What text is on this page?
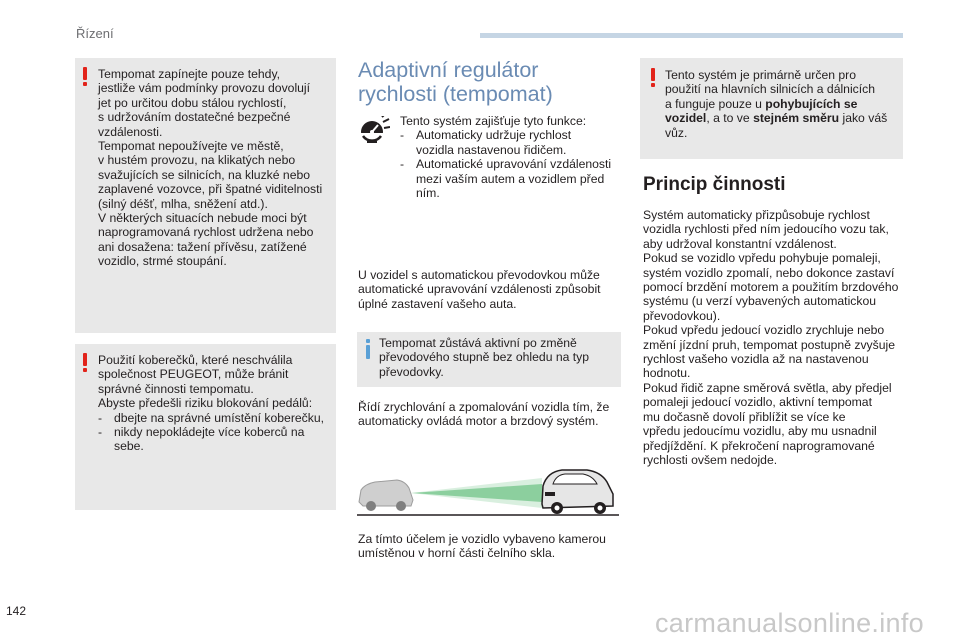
Řízení

Tempomat zapínejte pouze tehdy,
jestliže vám podmínky provozu dovolují
jet po určitou dobu stálou rychlostí,
s udržováním dostatečné bezpečné
vzdálenosti.
Tempomat nepoužívejte ve městě,
v hustém provozu, na klikatých nebo
svažujících se silnicích, na kluzké nebo
zaplavené vozovce, při špatné viditelnosti
(silný déšť, mlha, sněžení atd.).
V některých situacích nebude moci být
naprogramovaná rychlost udržena nebo
ani dosažena: tažení přívěsu, zatížené
vozidlo, strmé stoupání.

Použití koberečků, které neschválila
společnost PEUGEOT, může bránit
správné činnosti tempomatu.
Abyste předešli riziku blokování pedálů:

- dbejte na správné umístění koberečku,
- nikdy nepokládejte více koberců na
sebe.
Adaptivní regulátor
rychlosti (tempomat)

Tento systém zajišťuje tyto funkce:

- Automaticky udržuje rychlost
vozidla nastavenou řidičem.
- Automatické upravování vzdálenosti
mezi vaším autem a vozidlem před
ním.
U vozidel s automatickou převodovkou může
automatické upravování vzdálenosti způsobit
úplné zastavení vašeho auta.
Tempomat zůstává aktivní po změně
převodového stupně bez ohledu na typ
převodovky.
Řídí zrychlování a zpomalování vozidla tím, že
automaticky ovládá motor a brzdový systém.
Za tímto účelem je vozidlo vybaveno kamerou
umístěnou v horní části čelního skla.
Tento systém je primárně určen pro
použití na hlavních silnicích a dálnicích
a funguje pouze u pohybujících se
vozidel, a to ve stejném směru jako váš
vůz.
Princip činnosti
Systém automaticky přizpůsobuje rychlost
vozidla rychlosti před ním jedoucího vozu tak,
aby udržoval konstantní vzdálenost.
Pokud se vozidlo vpředu pohybuje pomaleji,
systém vozidlo zpomalí, nebo dokonce zastaví
pomocí brzdění motorem a použitím brzdového
systému (u verzí vybavených automatickou
převodovkou).
Pokud vpředu jedoucí vozidlo zrychluje nebo
změní jízdní pruh, tempomat postupně zvyšuje
rychlost vašeho vozidla až na nastavenou
hodnotu.
Pokud řidič zapne směrová světla, aby předjel
pomaleji jedoucí vozidlo, aktivní tempomat
mu dočasně dovolí přiblížit se více ke
vpředu jedoucímu vozidlu, aby mu usnadnil
předjíždění. K překročení naprogramované
rychlosti ovšem nedojde.
142	carmanualsonline.info
